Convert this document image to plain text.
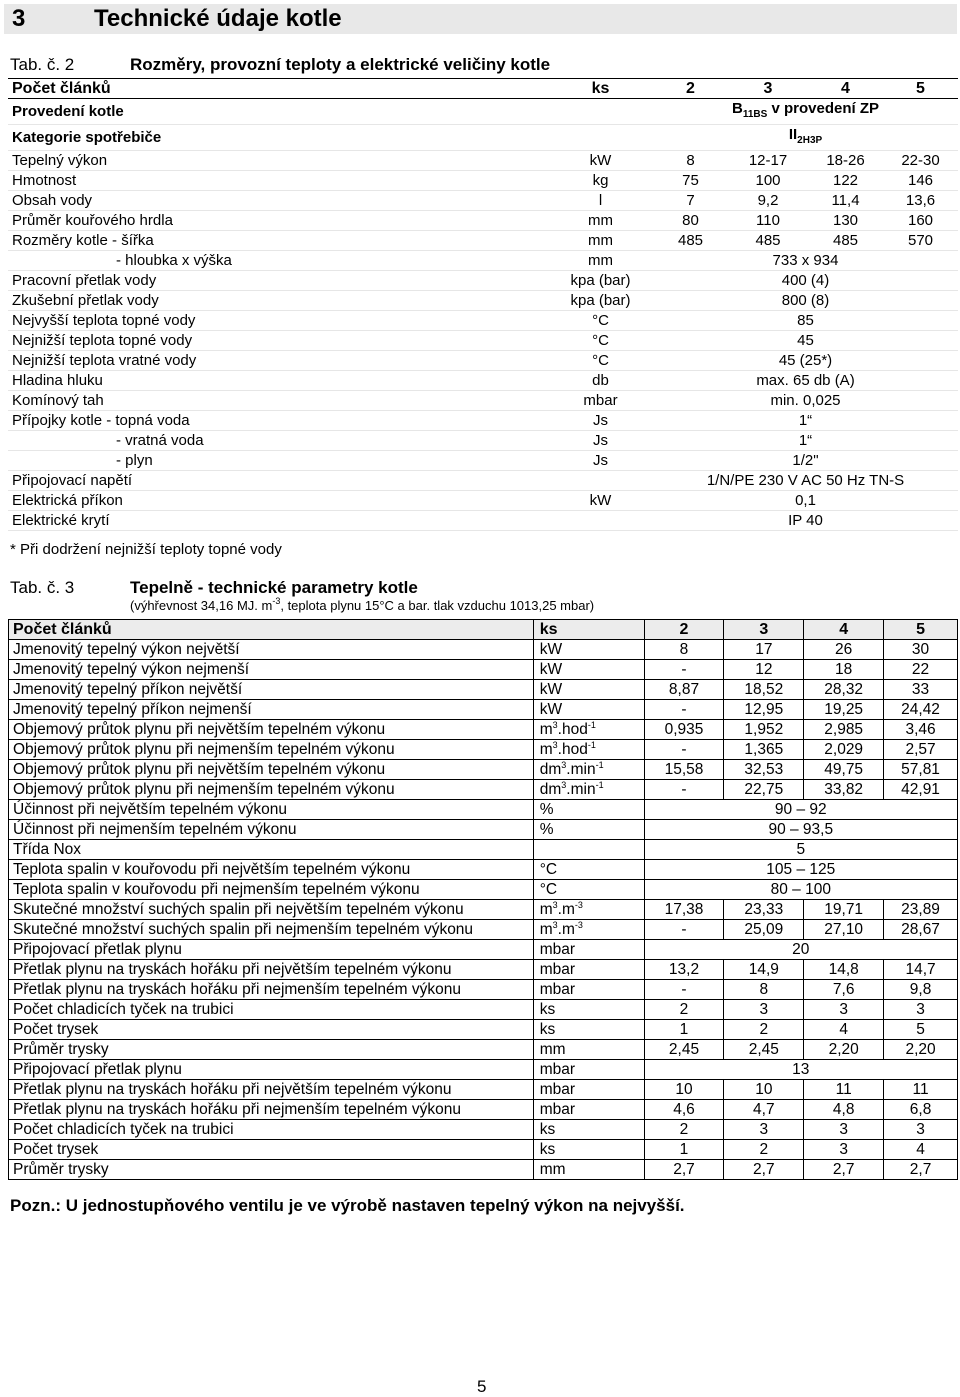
3	Technické údaje kotle
Tab. č. 2	Rozměry, provozní teploty a elektrické veličiny kotle
Počet článků	ks	2	3	4	5
Provedení kotle		$B_{11BS}$ v provedení ZP			
Kategorie spotřebiče		$II_{2H3P}$
Tepelný výkon	kW	8	12-17	18-26	22-30
Hmotnost	kg	75	100	122	146
Obsah vody	l	7	9,2	11,4	13,6
Průměr kouřového hrdla	mm	80	110	130	160
Rozměry kotle - šířka	mm	485	485	485	570
- hloubka x výška	mm	733 x 934			
Pracovní přetlak vody	kpa (bar)	400 (4)			
Zkušební přetlak vody	kpa (bar)	800 (8)			
Nejvyšší teplota topné vody	°C	85			
Nejnižší teplota topné vody	°C	45			
Nejnižší teplota vratné vody	°C	45 (25*)			
Hladina hluku	db	max. 65 db (A)			
Komínový tah	mbar	min. 0,025			
Přípojky kotle - topná voda	Js	1“			
- vratná voda	Js	1“			
- plyn	Js	1/2"			
Připojovací napětí		1/N/PE 230 V AC 50 Hz TN-S			
Elektrická příkon	kW	0,1			
Elektrické krytí		IP 40			
* Při dodržení nejnižší teploty topné vody
Tab. č. 3	Tepelně - technické parametry kotle
(výhřevnost 34,16 MJ. $m^{-3}$, teplota plynu 15°C a bar. tlak vzduchu 1013,25 mbar)
Počet článků	ks	2	3	4	5
Jmenovitý tepelný výkon největší	kW	8	17	26	30
Jmenovitý tepelný výkon nejmenší	kW	-	12	18	22
Jmenovitý tepelný příkon největší	kW	8,87	18,52	28,32	33
Jmenovitý tepelný příkon nejmenší	kW	-	12,95	19,25	24,42
Objemový průtok plynu při největším tepelném výkonu	$m^3.hod^{-1}$	0,935	1,952	2,985	3,46
Objemový průtok plynu při nejmenším tepelném výkonu	$m^3.hod^{-1}$	-	1,365	2,029	2,57
Objemový průtok plynu při největším tepelném výkonu	$dm^3.\min^{-1}$	15,58	32,53	49,75	57,81
Objemový průtok plynu při nejmenším tepelném výkonu	$dm^3.\min^{-1}$	-	22,75	33,82	42,91
Účinnost při největším tepelném výkonu	%	90 – 92			
Účinnost při nejmenším tepelném výkonu	%	90 – 93,5			
Třída Nox		5			
Teplota spalin v kouřovodu při největším tepelném výkonu	°C	105 – 125			
Teplota spalin v kouřovodu při nejmenším tepelném výkonu	°C	80 – 100			
Skutečné množství suchých spalin při největším tepelném výkonu	$m^3.m^{-3}$	17,38	23,33	19,71	23,89
Skutečné množství suchých spalin při nejmenším tepelném výkonu	$m^3.m^{-3}$	-	25,09	27,10	28,67
Připojovací přetlak plynu	mbar	20			
Přetlak plynu na tryskách hořáku při největším tepelném výkonu	mbar	13,2	14,9	14,8	14,7
Přetlak plynu na tryskách hořáku při nejmenším tepelném výkonu	mbar	-	8	7,6	9,8
Počet chladicích tyček na trubici	ks	2	3	3	3
Počet trysek	ks	1	2	4	5
Průměr trysky	mm	2,45	2,45	2,20	2,20
Připojovací přetlak plynu	mbar	13			
Přetlak plynu na tryskách hořáku při největším tepelném výkonu	mbar	10	10	11	11
Přetlak plynu na tryskách hořáku při nejmenším tepelném výkonu	mbar	4,6	4,7	4,8	6,8
Počet chladicích tyček na trubici	ks	2	3	3	3
Počet trysek	ks	1	2	3	4
Průměr trysky	mm	2,7	2,7	2,7	2,7
Pozn.: U jednostupňového ventilu je ve výrobě nastaven tepelný výkon na nejvyšší.
5
